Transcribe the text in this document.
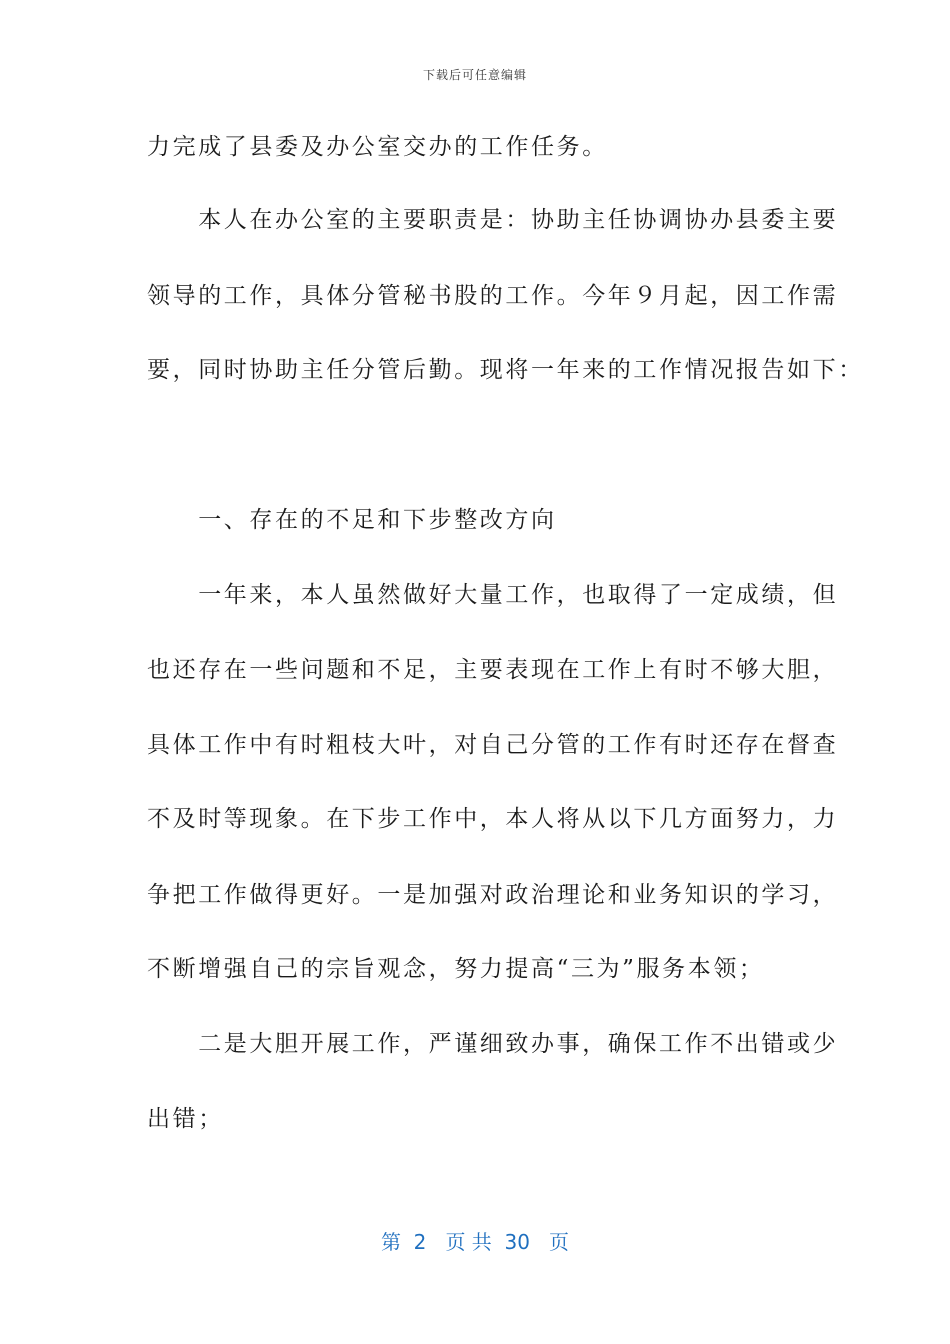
下载后可任意编辑
力完成了县委及办公室交办的工作任务。
　　本人在办公室的主要职责是：协助主任协调协办县委主要
领导的工作，具体分管秘书股的工作。今年９月起，因工作需
要，同时协助主任分管后勤。现将一年来的工作情况报告如下：
　　一、存在的不足和下步整改方向
　　一年来，本人虽然做好大量工作，也取得了一定成绩，但
也还存在一些问题和不足，主要表现在工作上有时不够大胆，
具体工作中有时粗枝大叶，对自己分管的工作有时还存在督查
不及时等现象。在下步工作中，本人将从以下几方面努力，力
争把工作做得更好。一是加强对政治理论和业务知识的学习，
不断增强自己的宗旨观念，努力提高“三为”服务本领；
　　二是大胆开展工作，严谨细致办事，确保工作不出错或少
出错；
第  2   页 共  30   页
